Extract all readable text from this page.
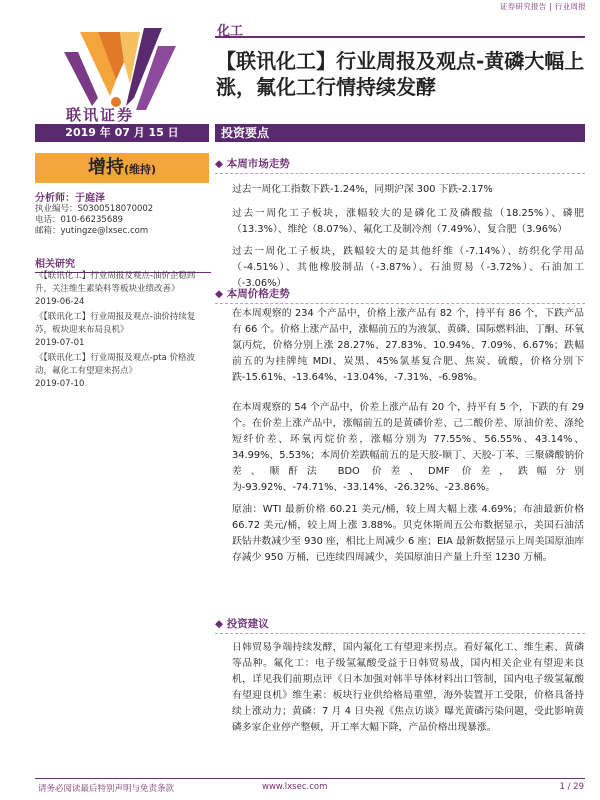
证券研究报告 | 行业周报
联讯证券
化工
【联讯化工】行业周报及观点-黄磷大幅上涨，氟化工行情持续发酵
2019 年 07 月 15 日	投资要点
增持(维持)
分析师：于庭泽
执业编号：S0300518070002
电话：010-66235689
邮箱：yutingze@lxsec.com
相关研究
《【联讯化工】行业周报及观点-油价企稳回升，关注维生素染料等板块业绩改善》
2019-06-24
《【联讯化工】行业周报及观点-油价持续复苏，板块迎来布局良机》
2019-07-01
《【联讯化工】行业周报及观点-pta 价格波动，氟化工有望迎来拐点》
2019-07-10
◆ 本周市场走势
过去一周化工指数下跌-1.24%，同期沪深 300 下跌-2.17%
过去一周化工子板块，涨幅较大的是磷化工及磷酸盐（18.25%）、磷肥（13.3%）、维纶（8.07%）、氟化工及制冷剂（7.49%）、复合肥（3.96%）
过去一周化工子板块，跌幅较大的是其他纤维（-7.14%）、纺织化学用品（-4.51%）、其他橡胶制品（-3.87%）、石油贸易（-3.72%）、石油加工（-3.06%）
◆ 本周价格走势
在本周观察的 234 个产品中，价格上涨产品有 82 个，持平有 86 个，下跌产品有 66 个。价格上涨产品中，涨幅前五的为液氯、黄磷、国际燃料油、丁酮、环氧氯丙烷，价格分别上涨 28.27%、27.83%、10.94%、7.09%、6.67%；跌幅前五的为挂牌纯 MDI、炭黑、45%氯基复合肥、焦炭、硫酸，价格分别下跌-15.61%、-13.64%、-13.04%、-7.31%、-6.98%。
在本周观察的 54 个产品中，价差上涨产品有 20 个，持平有 5 个，下跌的有 29 个。在价差上涨产品中，涨幅前五的是黄磷价差、己二酸价差、原油价差、涤纶短纤价差、环氧丙烷价差，涨幅分别为 77.55%、56.55%、43.14%、34.99%、5.53%；本周价差跌幅前五的是天胶-顺丁、天胶-丁苯、三聚磷酸钠价差、顺酐法 BDO 价差、DMF 价差，跌幅分别为-93.92%、-74.71%、-33.14%、-26.32%、-23.86%。
原油：WTI 最新价格 60.21 美元/桶，较上周大幅上涨 4.69%；布油最新价格 66.72 美元/桶，较上周上涨 3.88%。贝克休斯周五公布数据显示，美国石油活跃钻井数减少至 930 座，相比上周减少 6 座；EIA 最新数据显示上周美国原油库存减少 950 万桶，已连续四周减少，美国原油日产量上升至 1230 万桶。
◆ 投资建议
日韩贸易争端持续发酵，国内氟化工有望迎来拐点。看好氟化工、维生素、黄磷等品种。氟化工：电子级氢氟酸受益于日韩贸易战，国内相关企业有望迎来良机，详见我们前期点评《日本加强对韩半导体材料出口管制，国内电子级氢氟酸有望迎良机》维生素：板块行业供给格局重塑，海外装置开工受限，价格具备持续上涨动力；黄磷：7 月 4 日央视《焦点访谈》曝光黄磷污染问题，受此影响黄磷多家企业停产整顿，开工率大幅下降，产品价格出现暴涨。
请务必阅读最后特别声明与免责条款	www.lxsec.com	1 / 29
